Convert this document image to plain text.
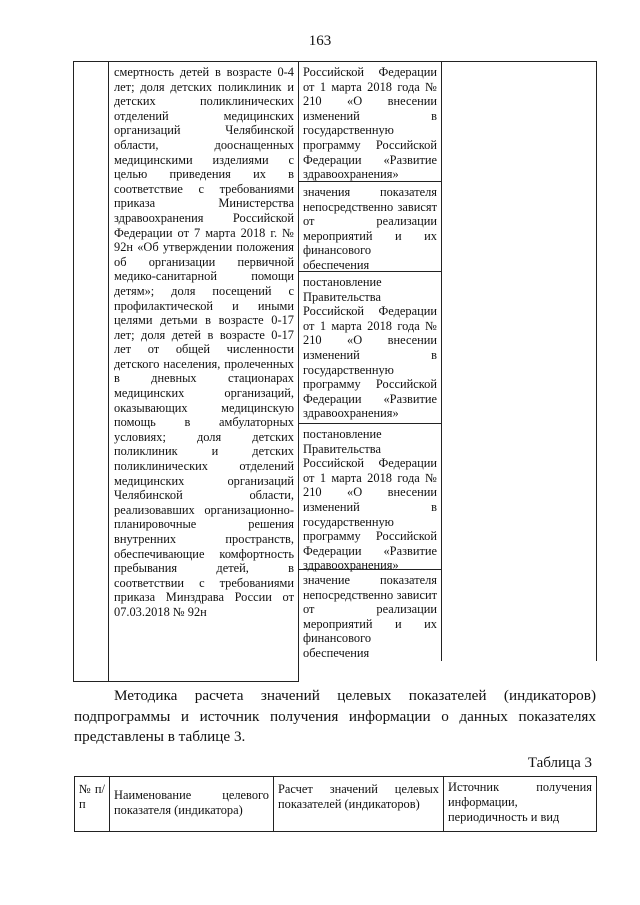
163
смертность детей в возрасте 0-4 лет; доля детских поликлиник и детских поликлинических отделений медицинских организаций Челябинской области, дооснащенных медицинскими изделиями с целью приведения их в соответствие с требованиями приказа Министерства здравоохранения Российской Федерации от 7 марта 2018 г. № 92н «Об утверждении положения об организации первичной медико-санитарной помощи детям»; доля посещений с профилактической и иными целями детьми в возрасте 0-17 лет; доля детей в возрасте 0-17 лет от общей численности детского населения, пролеченных в дневных стационарах медицинских организаций, оказывающих медицинскую помощь в амбулаторных условиях; доля детских поликлиник и детских поликлинических отделений медицинских организаций Челябинской области, реализовавших организационно-планировочные решения внутренних пространств, обеспечивающие комфортность пребывания детей, в соответствии с требованиями приказа Минздрава России от 07.03.2018 № 92н
Российской Федерации от 1 марта 2018 года № 210 «О внесении изменений в государственную программу Российской Федерации «Развитие здравоохранения»
значения показателя непосредственно зависят от реализации мероприятий и их финансового обеспечения
постановление Правительства Российской Федерации от 1 марта 2018 года № 210 «О внесении изменений в государственную программу Российской Федерации «Развитие здравоохранения»
постановление Правительства Российской Федерации от 1 марта 2018 года № 210 «О внесении изменений в государственную программу Российской Федерации «Развитие здравоохранения»
значение показателя непосредственно зависит от реализации мероприятий и их финансового обеспечения
Методика расчета значений целевых показателей (индикаторов) подпрограммы и источник получения информации о данных показателях представлены в таблице 3.
Таблица 3
№ п/п
Наименование целевого показателя (индикатора)
Расчет значений целевых показателей (индикаторов)
Источник получения информации, периодичность и вид
